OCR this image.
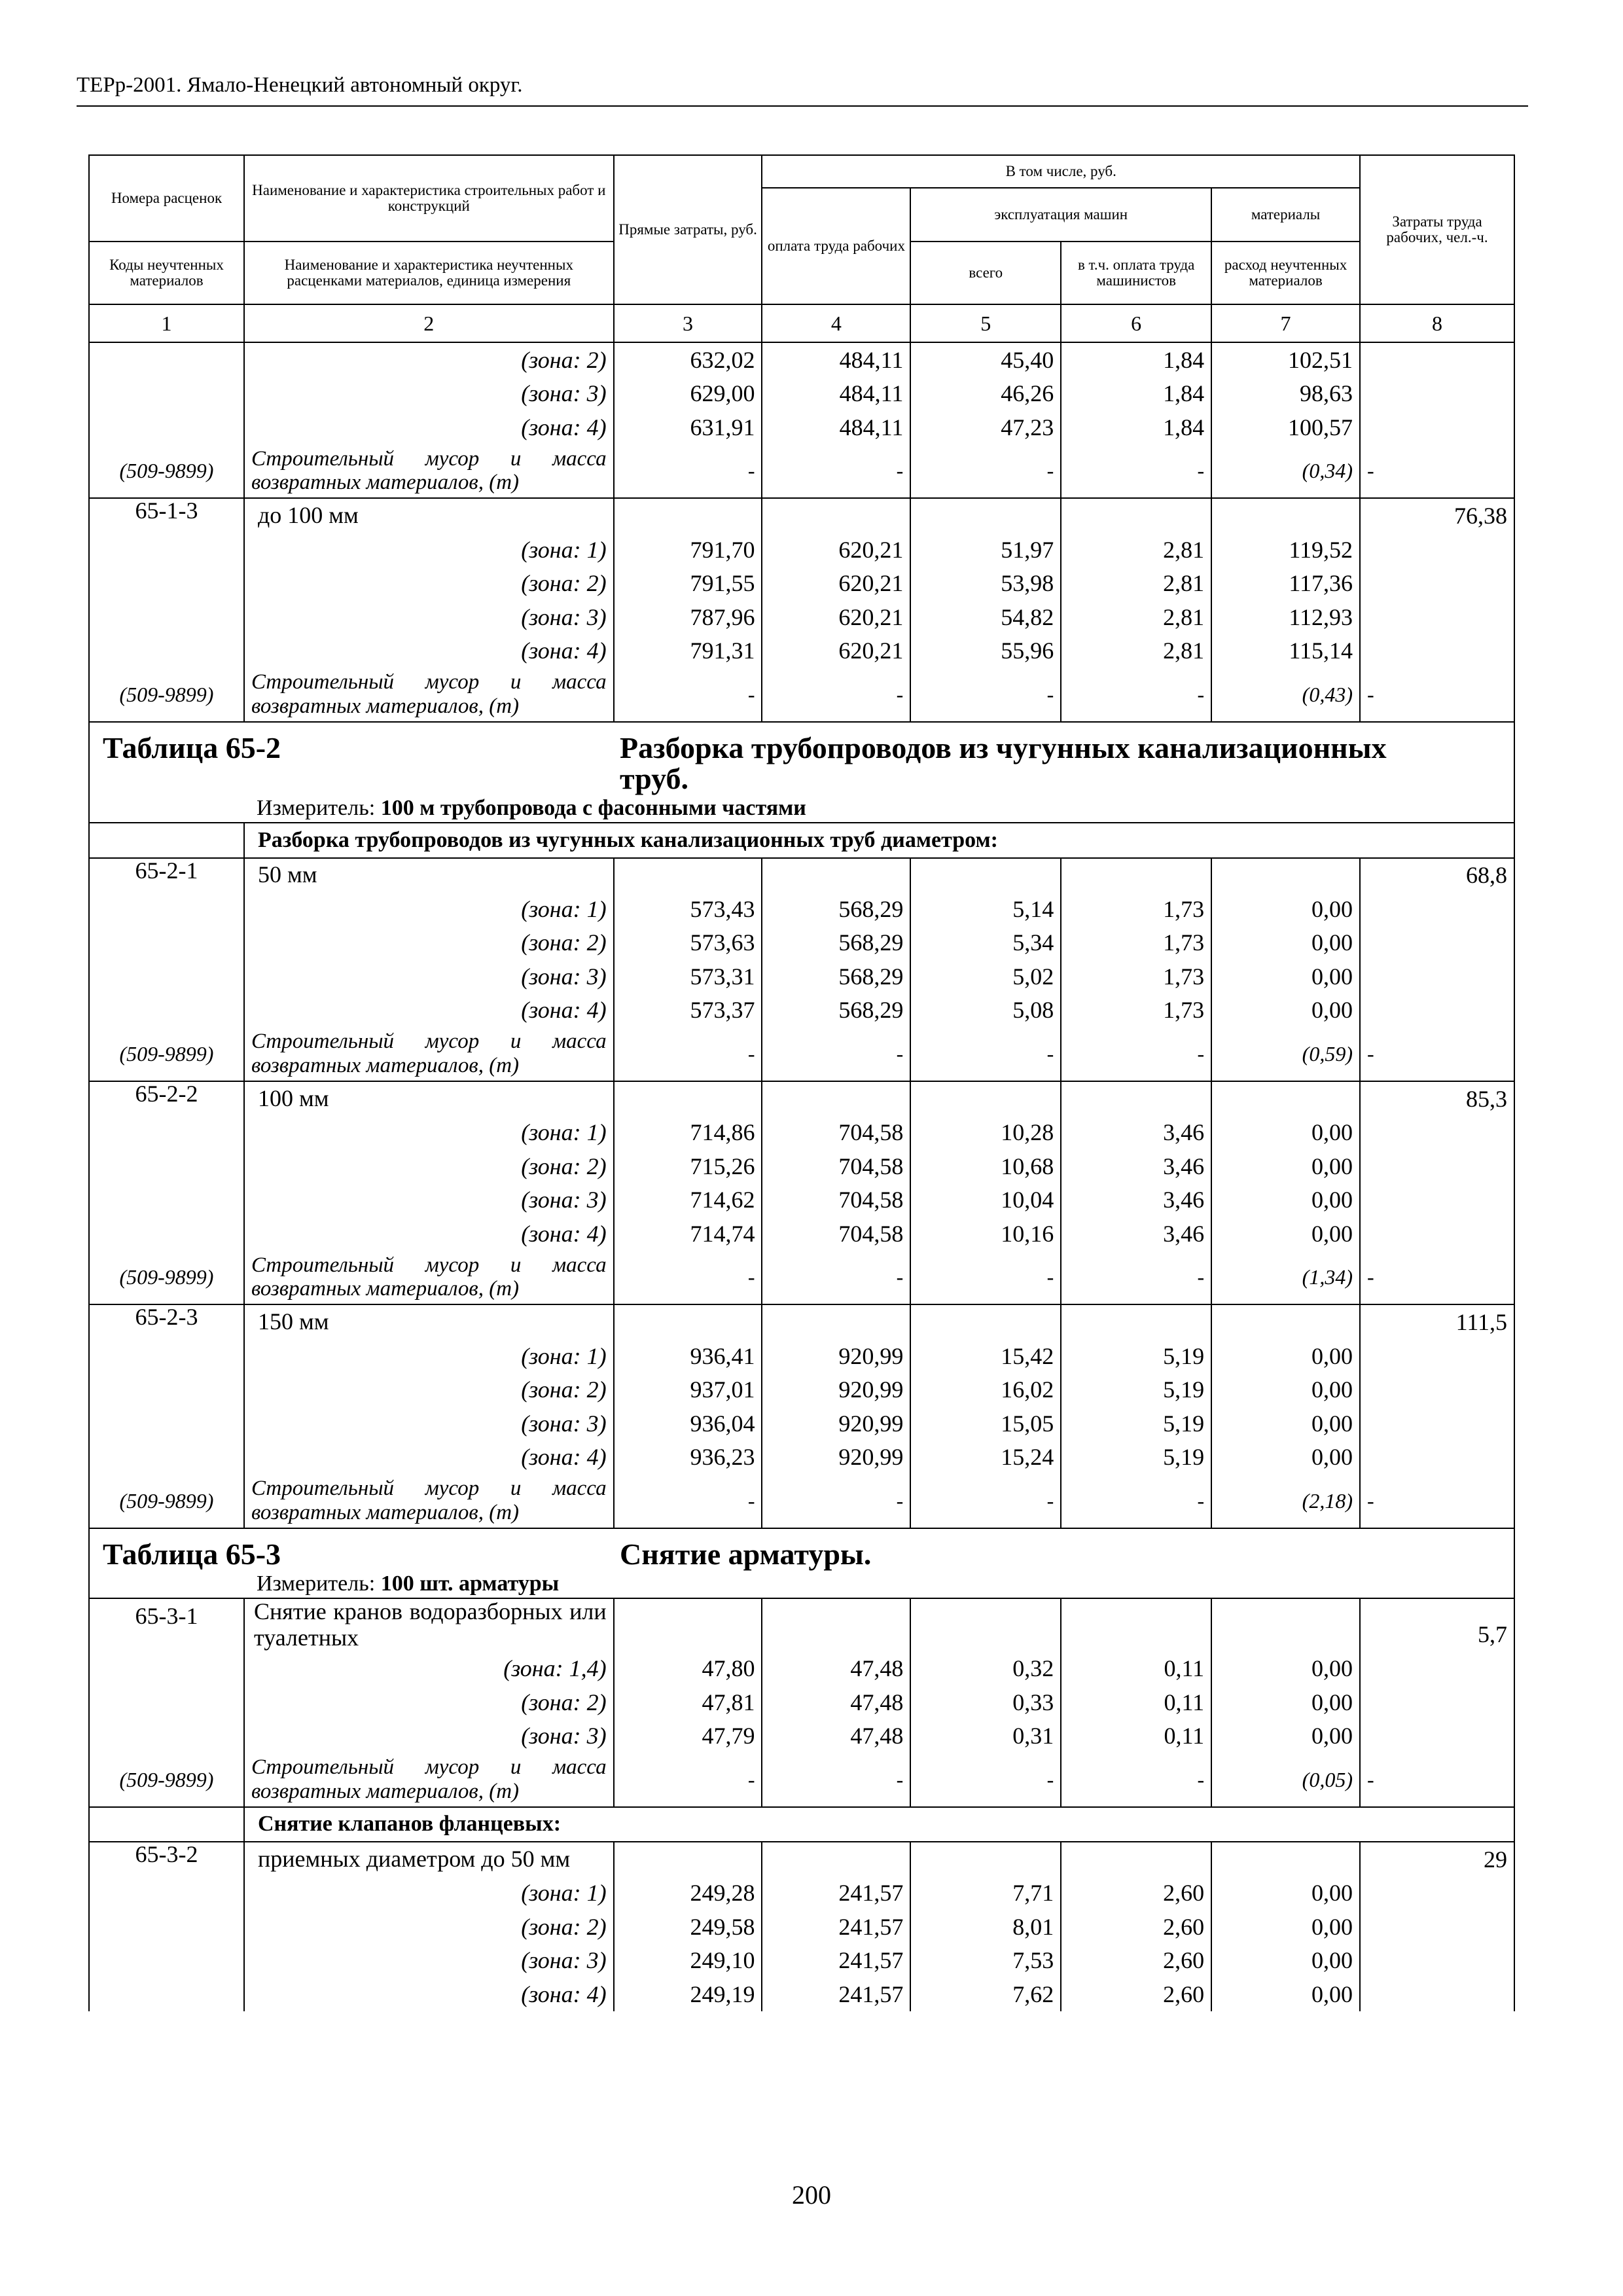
ТЕРр-2001. Ямало-Ненецкий автономный округ.
Номера расценок	Наименование и характеристика строительных работ и конструкций	Прямые затраты, руб.	В том числе, руб.				Затраты труда рабочих, чел.-ч.
			оплата труда рабочих	эксплуатация машин		материалы	
Коды неучтенных материалов	Наименование и характеристика неучтенных расценками материалов, единица измерения			всего	в т.ч. оплата труда машинистов	расход неучтенных материалов	
1	2	3	4	5	6	7	8
	(зона: 2)	632,02	484,11	45,40	1,84	102,51	
	(зона: 3)	629,00	484,11	46,26	1,84	98,63	
	(зона: 4)	631,91	484,11	47,23	1,84	100,57	
(509-9899)	Строительный мусор и масса возвратных материалов, (т)	-	-	-	-	(0,34)	-
65-1-3	до 100 мм						76,38
	(зона: 1)	791,70	620,21	51,97	2,81	119,52	
	(зона: 2)	791,55	620,21	53,98	2,81	117,36	
	(зона: 3)	787,96	620,21	54,82	2,81	112,93	
	(зона: 4)	791,31	620,21	55,96	2,81	115,14	
(509-9899)	Строительный мусор и масса возвратных материалов, (т)	-	-	-	-	(0,43)	-
Таблица 65-2 Разборка трубопроводов из чугунных канализационных труб.
Измеритель: 100 м трубопровода с фасонными частями							

	Разборка трубопроводов из чугунных канализационных труб диаметром:						
65-2-1	50 мм						68,8
	(зона: 1)	573,43	568,29	5,14	1,73	0,00	
	(зона: 2)	573,63	568,29	5,34	1,73	0,00	
	(зона: 3)	573,31	568,29	5,02	1,73	0,00	
	(зона: 4)	573,37	568,29	5,08	1,73	0,00	
(509-9899)	Строительный мусор и масса возвратных материалов, (т)	-	-	-	-	(0,59)	-
65-2-2	100 мм						85,3
	(зона: 1)	714,86	704,58	10,28	3,46	0,00	
	(зона: 2)	715,26	704,58	10,68	3,46	0,00	
	(зона: 3)	714,62	704,58	10,04	3,46	0,00	
	(зона: 4)	714,74	704,58	10,16	3,46	0,00	
(509-9899)	Строительный мусор и масса возвратных материалов, (т)	-	-	-	-	(1,34)	-
65-2-3	150 мм						111,5
	(зона: 1)	936,41	920,99	15,42	5,19	0,00	
	(зона: 2)	937,01	920,99	16,02	5,19	0,00	
	(зона: 3)	936,04	920,99	15,05	5,19	0,00	
	(зона: 4)	936,23	920,99	15,24	5,19	0,00	
(509-9899)	Строительный мусор и масса возвратных материалов, (т)	-	-	-	-	(2,18)	-
Таблица 65-3 Снятие арматуры.
Измеритель: 100 шт. арматуры							

65-3-1	Снятие кранов водоразборных или туалетных						5,7
	(зона: 1,4)	47,80	47,48	0,32	0,11	0,00	
	(зона: 2)	47,81	47,48	0,33	0,11	0,00	
	(зона: 3)	47,79	47,48	0,31	0,11	0,00	
(509-9899)	Строительный мусор и масса возвратных материалов, (т)	-	-	-	-	(0,05)	-
	Снятие клапанов фланцевых:						
65-3-2	приемных диаметром до 50 мм						29
	(зона: 1)	249,28	241,57	7,71	2,60	0,00	
	(зона: 2)	249,58	241,57	8,01	2,60	0,00	
	(зона: 3)	249,10	241,57	7,53	2,60	0,00	
	(зона: 4)	249,19	241,57	7,62	2,60	0,00	
200
